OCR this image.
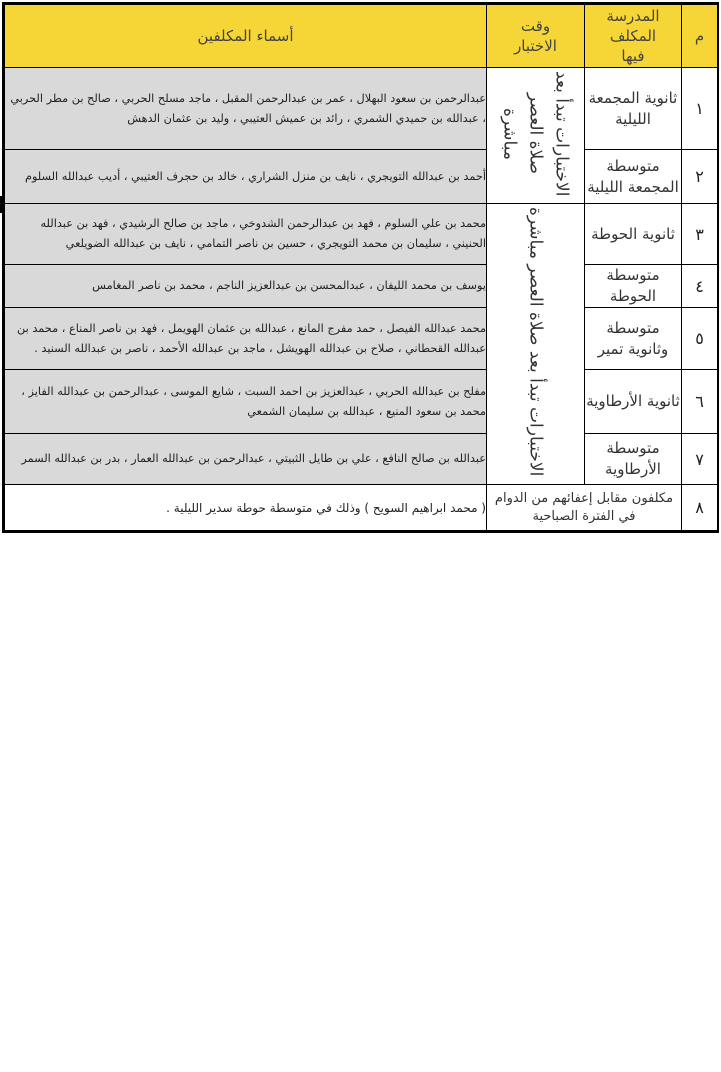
م	المدرسة المكلف فيها	وقت الاختبار	أسماء المكلفين
١	ثانوية المجمعة الليلية	الاختبارات تبدأ بعد صلاة العصر مباشرة	عبدالرحمن بن سعود البهلال ، عمر بن عبدالرحمن المقبل ، ماجد مسلح الحربي ، صالح بن مطر الحربي ، عبدالله بن حميدي الشمري ، رائد بن عميش العتيبي ، وليد بن عثمان الدهش
٢	متوسطة المجمعة الليلية		أحمد بن عبدالله التويجري ، نايف بن منزل الشراري ، خالد بن حجرف العتيبي ، أديب عبدالله السلوم
٣	ثانوية الحوطة	الاختبارات تبدأ بعد صلاة العصر مباشرة	محمد بن علي السلوم ، فهد بن عبدالرحمن الشدوخي ، ماجد بن صالح الرشيدي ، فهد بن عبدالله الحنيني ، سليمان بن محمد التويجري ، حسين بن ناصر التمامي ، نايف بن عبدالله الضويلعي
٤	متوسطة الحوطة		يوسف بن محمد الليفان ، عبدالمحسن بن عبدالعزيز الناجم ، محمد بن ناصر المغامس
٥	متوسطة وثانوية تمير		محمد عبدالله الفيصل ، حمد مفرج المانع ، عبدالله بن عثمان الهويمل ، فهد بن ناصر المناع ، محمد بن عبدالله القحطاني ، صلاح بن عبدالله الهويشل ، ماجد بن عبدالله الأحمد ، ناصر بن عبدالله السنيد .
٦	ثانوية الأرطاوية		مفلح بن عبدالله الحربي ، عبدالعزيز بن احمد السبت ، شايع الموسى ، عبدالرحمن بن عبدالله الفايز ، محمد بن سعود المنيع ، عبدالله بن سليمان الشمعي
٧	متوسطة الأرطاوية		عبدالله بن صالح النافع ، علي بن طايل الثبيتي ، عبدالرحمن بن عبدالله العمار ، بدر بن عبدالله السمر
٨	مكلفون مقابل إعفائهم من الدوام في الفترة الصباحية		( محمد ابراهيم السويح ) وذلك في متوسطة حوطة سدير الليلية .
